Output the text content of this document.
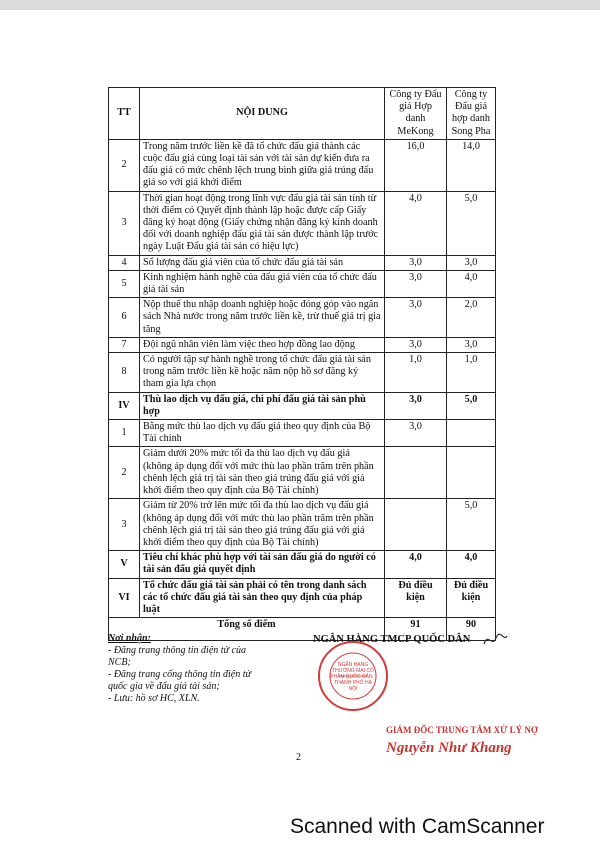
TT	NỘI DUNG	Công ty Đấu giá Hợp danh MeKong	Công ty Đấu giá hợp danh Song Pha
2	Trong năm trước liền kề đã tổ chức đấu giá thành các cuộc đấu giá cùng loại tài sản với tài sản dự kiến đưa ra đấu giá có mức chênh lệch trung bình giữa giá trúng đấu giá so với giá khởi điểm	16,0	14,0
3	Thời gian hoạt động trong lĩnh vực đấu giá tài sản tính từ thời điểm có Quyết định thành lập hoặc được cấp Giấy đăng ký hoạt động (Giấy chứng nhận đăng ký kinh doanh đối với doanh nghiệp đấu giá tài sản được thành lập trước ngày Luật Đấu giá tài sản có hiệu lực)	4,0	5,0
4	Số lượng đấu giá viên của tổ chức đấu giá tài sản	3,0	3,0
5	Kinh nghiệm hành nghề của đấu giá viên của tổ chức đấu giá tài sản	3,0	4,0
6	Nộp thuế thu nhập doanh nghiệp hoặc đóng góp vào ngân sách Nhà nước trong năm trước liền kề, trừ thuế giá trị gia tăng	3,0	2,0
7	Đội ngũ nhân viên làm việc theo hợp đồng lao động	3,0	3,0
8	Có người tập sự hành nghề trong tổ chức đấu giá tài sản trong năm trước liền kề hoặc năm nộp hồ sơ đăng ký tham gia lựa chọn	1,0	1,0
IV	Thù lao dịch vụ đấu giá, chi phí đấu giá tài sản phù hợp	3,0	5,0
1	Bằng mức thù lao dịch vụ đấu giá theo quy định của Bộ Tài chính	3,0	
2	Giảm dưới 20% mức tối đa thù lao dịch vụ đấu giá (không áp dụng đối với mức thù lao phần trăm trên phần chênh lệch giá trị tài sản theo giá trúng đấu giá với giá khởi điểm theo quy định của Bộ Tài chính)		
3	Giảm từ 20% trở lên mức tối đa thù lao dịch vụ đấu giá (không áp dụng đối với mức thù lao phần trăm trên phần chênh lệch giá trị tài sản theo giá trúng đấu giá với giá khởi điểm theo quy định của Bộ Tài chính)		5,0
V	Tiêu chí khác phù hợp với tài sản đấu giá do người có tài sản đấu giá quyết định	4,0	4,0
VI	Tổ chức đấu giá tài sản phải có tên trong danh sách các tổ chức đấu giá tài sản theo quy định của pháp luật	Đủ điều kiện	Đủ điều kiện
Tổng số điểm		91	90
Nơi nhận:
- Đăng trang thông tin điện tử của NCB;
- Đăng trang cổng thông tin điện tử quốc gia về đấu giá tài sản;
- Lưu: hồ sơ HC, XLN.
NGÂN HÀNG TMCP QUỐC DÂN
NGÂN HÀNG THƯƠNG MẠI CỔ PHẦN QUỐC DÂN · THÀNH PHỐ HÀ NỘI
GIÁM ĐỐC TRUNG TÂM XỬ LÝ NỢ
Nguyễn Như Khang
2
Scanned with CamScanner
